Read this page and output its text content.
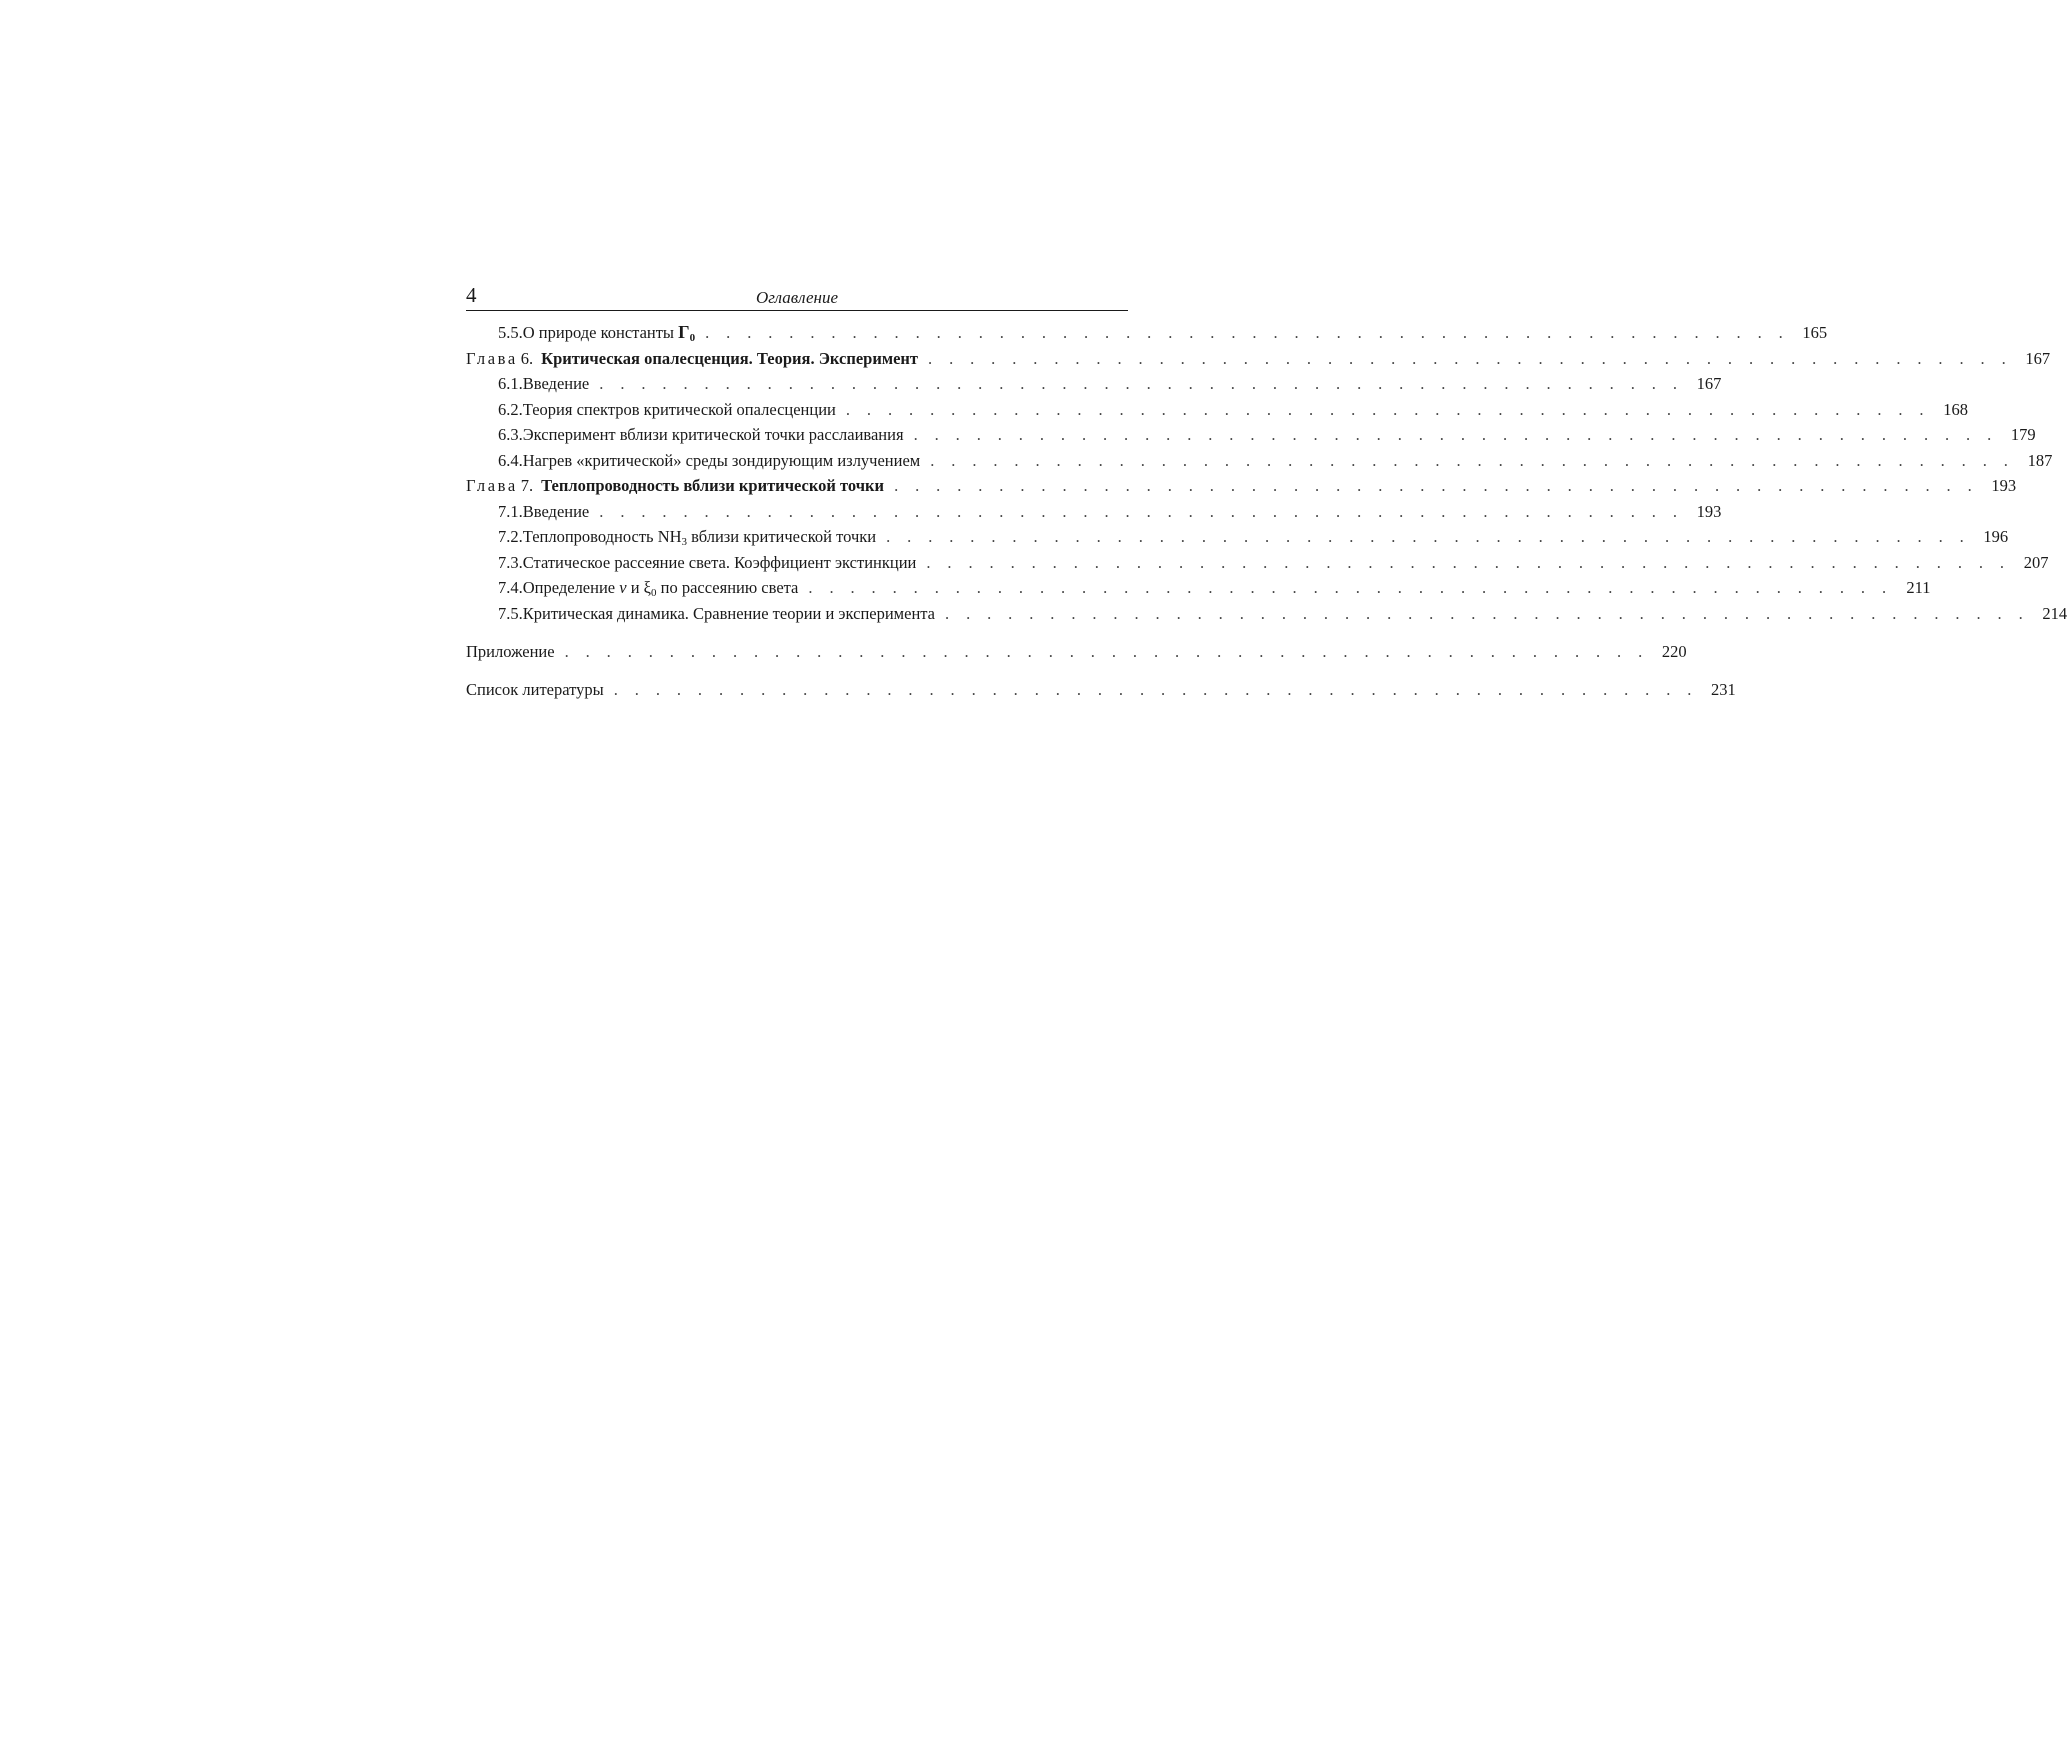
4	Оглавление
5.5. О природе константы $\Gamma_0$ . . . . . . . . . . . . . . . . . . . . . . . . . . . . . . . . . . . . . . . . . . . . . . . . . . . . 165
Глава 6. Критическая опалесценция. Теория. Эксперимент . . . . . . . . . . . . . . . . . . . . . . . . . . . . . . . . . . . . . . . . . . . . . . . . . . . . 167
6.1. Введение . . . . . . . . . . . . . . . . . . . . . . . . . . . . . . . . . . . . . . . . . . . . . . . . . . . . 167
6.2. Теория спектров критической опалесценции . . . . . . . . . . . . . . . . . . . . . . . . . . . . . . . . . . . . . . . . . . . . . . . . . . . . 168
6.3. Эксперимент вблизи критической точки расслаивания . . . . . . . . . . . . . . . . . . . . . . . . . . . . . . . . . . . . . . . . . . . . . . . . . . . . 179
6.4. Нагрев «критической» среды зондирующим излучением . . . . . . . . . . . . . . . . . . . . . . . . . . . . . . . . . . . . . . . . . . . . . . . . . . . . 187
Глава 7. Теплопроводность вблизи критической точки . . . . . . . . . . . . . . . . . . . . . . . . . . . . . . . . . . . . . . . . . . . . . . . . . . . . 193
7.1. Введение . . . . . . . . . . . . . . . . . . . . . . . . . . . . . . . . . . . . . . . . . . . . . . . . . . . . 193
7.2. Теплопроводность $NH_3$ вблизи критической точки . . . . . . . . . . . . . . . . . . . . . . . . . . . . . . . . . . . . . . . . . . . . . . . . . . . . 196
7.3. Статическое рассеяние света. Коэффициент экстинкции . . . . . . . . . . . . . . . . . . . . . . . . . . . . . . . . . . . . . . . . . . . . . . . . . . . . 207
7.4. Определение ν и $\xi_0$ по рассеянию света . . . . . . . . . . . . . . . . . . . . . . . . . . . . . . . . . . . . . . . . . . . . . . . . . . . . 211
7.5. Критическая динамика. Сравнение теории и эксперимента . . . . . . . . . . . . . . . . . . . . . . . . . . . . . . . . . . . . . . . . . . . . . . . . . . . . 214
Приложение . . . . . . . . . . . . . . . . . . . . . . . . . . . . . . . . . . . . . . . . . . . . . . . . . . . . 220
Список литературы . . . . . . . . . . . . . . . . . . . . . . . . . . . . . . . . . . . . . . . . . . . . . . . . . . . . 231
